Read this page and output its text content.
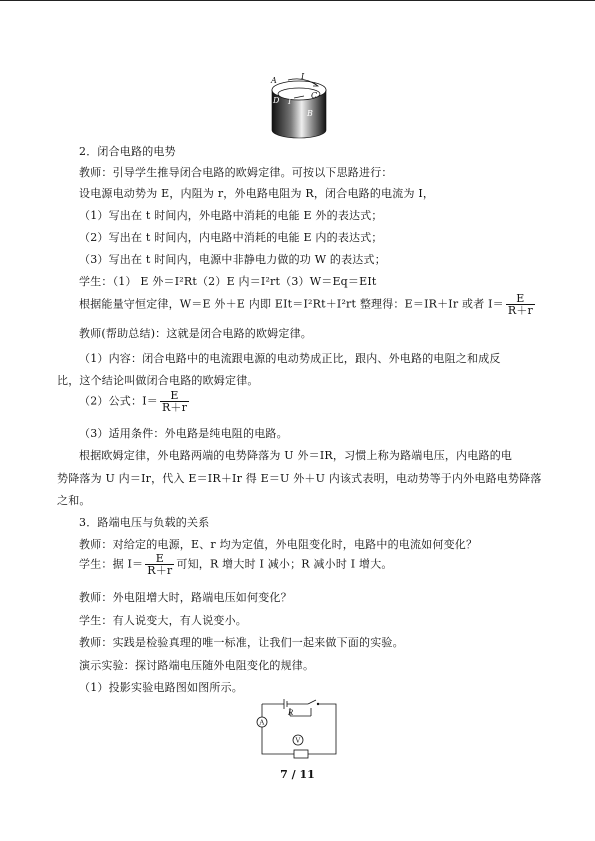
A	I
D I
C
B
2．闭合电路的电势
教师：引导学生推导闭合电路的欧姆定律。可按以下思路进行：
设电源电动势为 E，内阻为 r，外电路电阻为 R，闭合电路的电流为 I，
（1）写出在 t 时间内，外电路中消耗的电能 E 外的表达式；
（2）写出在 t 时间内，内电路中消耗的电能 E 内的表达式；
（3）写出在 t 时间内，电源中非静电力做的功 W 的表达式；
学生：（1） E 外＝I²Rt（2）E 内＝I²rt（3）W＝Eq＝EIt
根据能量守恒定律，W＝E 外＋E 内即 EIt＝I²Rt＋I²rt 整理得：E＝IR＋Ir 或者 $I= \frac{E}{R+r}$
教师(帮助总结)：这就是闭合电路的欧姆定律。
（1）内容：闭合电路中的电流跟电源的电动势成正比，跟内、外电路的电阻之和成反
比，这个结论叫做闭合电路的欧姆定律。
（2）公式：$I= \frac{E}{R+r}$
（3）适用条件：外电路是纯电阻的电路。
根据欧姆定律，外电路两端的电势降落为 U 外＝IR，习惯上称为路端电压，内电路的电
势降落为 U 内＝Ir，代入 E＝IR＋Ir 得 E＝U 外＋U 内该式表明，电动势等于内外电路电势降落
之和。
3．路端电压与负载的关系
教师：对给定的电源，E、r 均为定值，外电阻变化时，电路中的电流如何变化？
学生：据 $I= \frac{E}{R+r}$ 可知，R 增大时 I 减小；R 减小时 I 增大。
教师：外电阻增大时，路端电压如何变化？
学生：有人说变大，有人说变小。
教师：实践是检验真理的唯一标准，让我们一起来做下面的实验。
演示实验：探讨路端电压随外电阻变化的规律。
（1）投影实验电路图如图所示。
R
A
V
7 / 11
